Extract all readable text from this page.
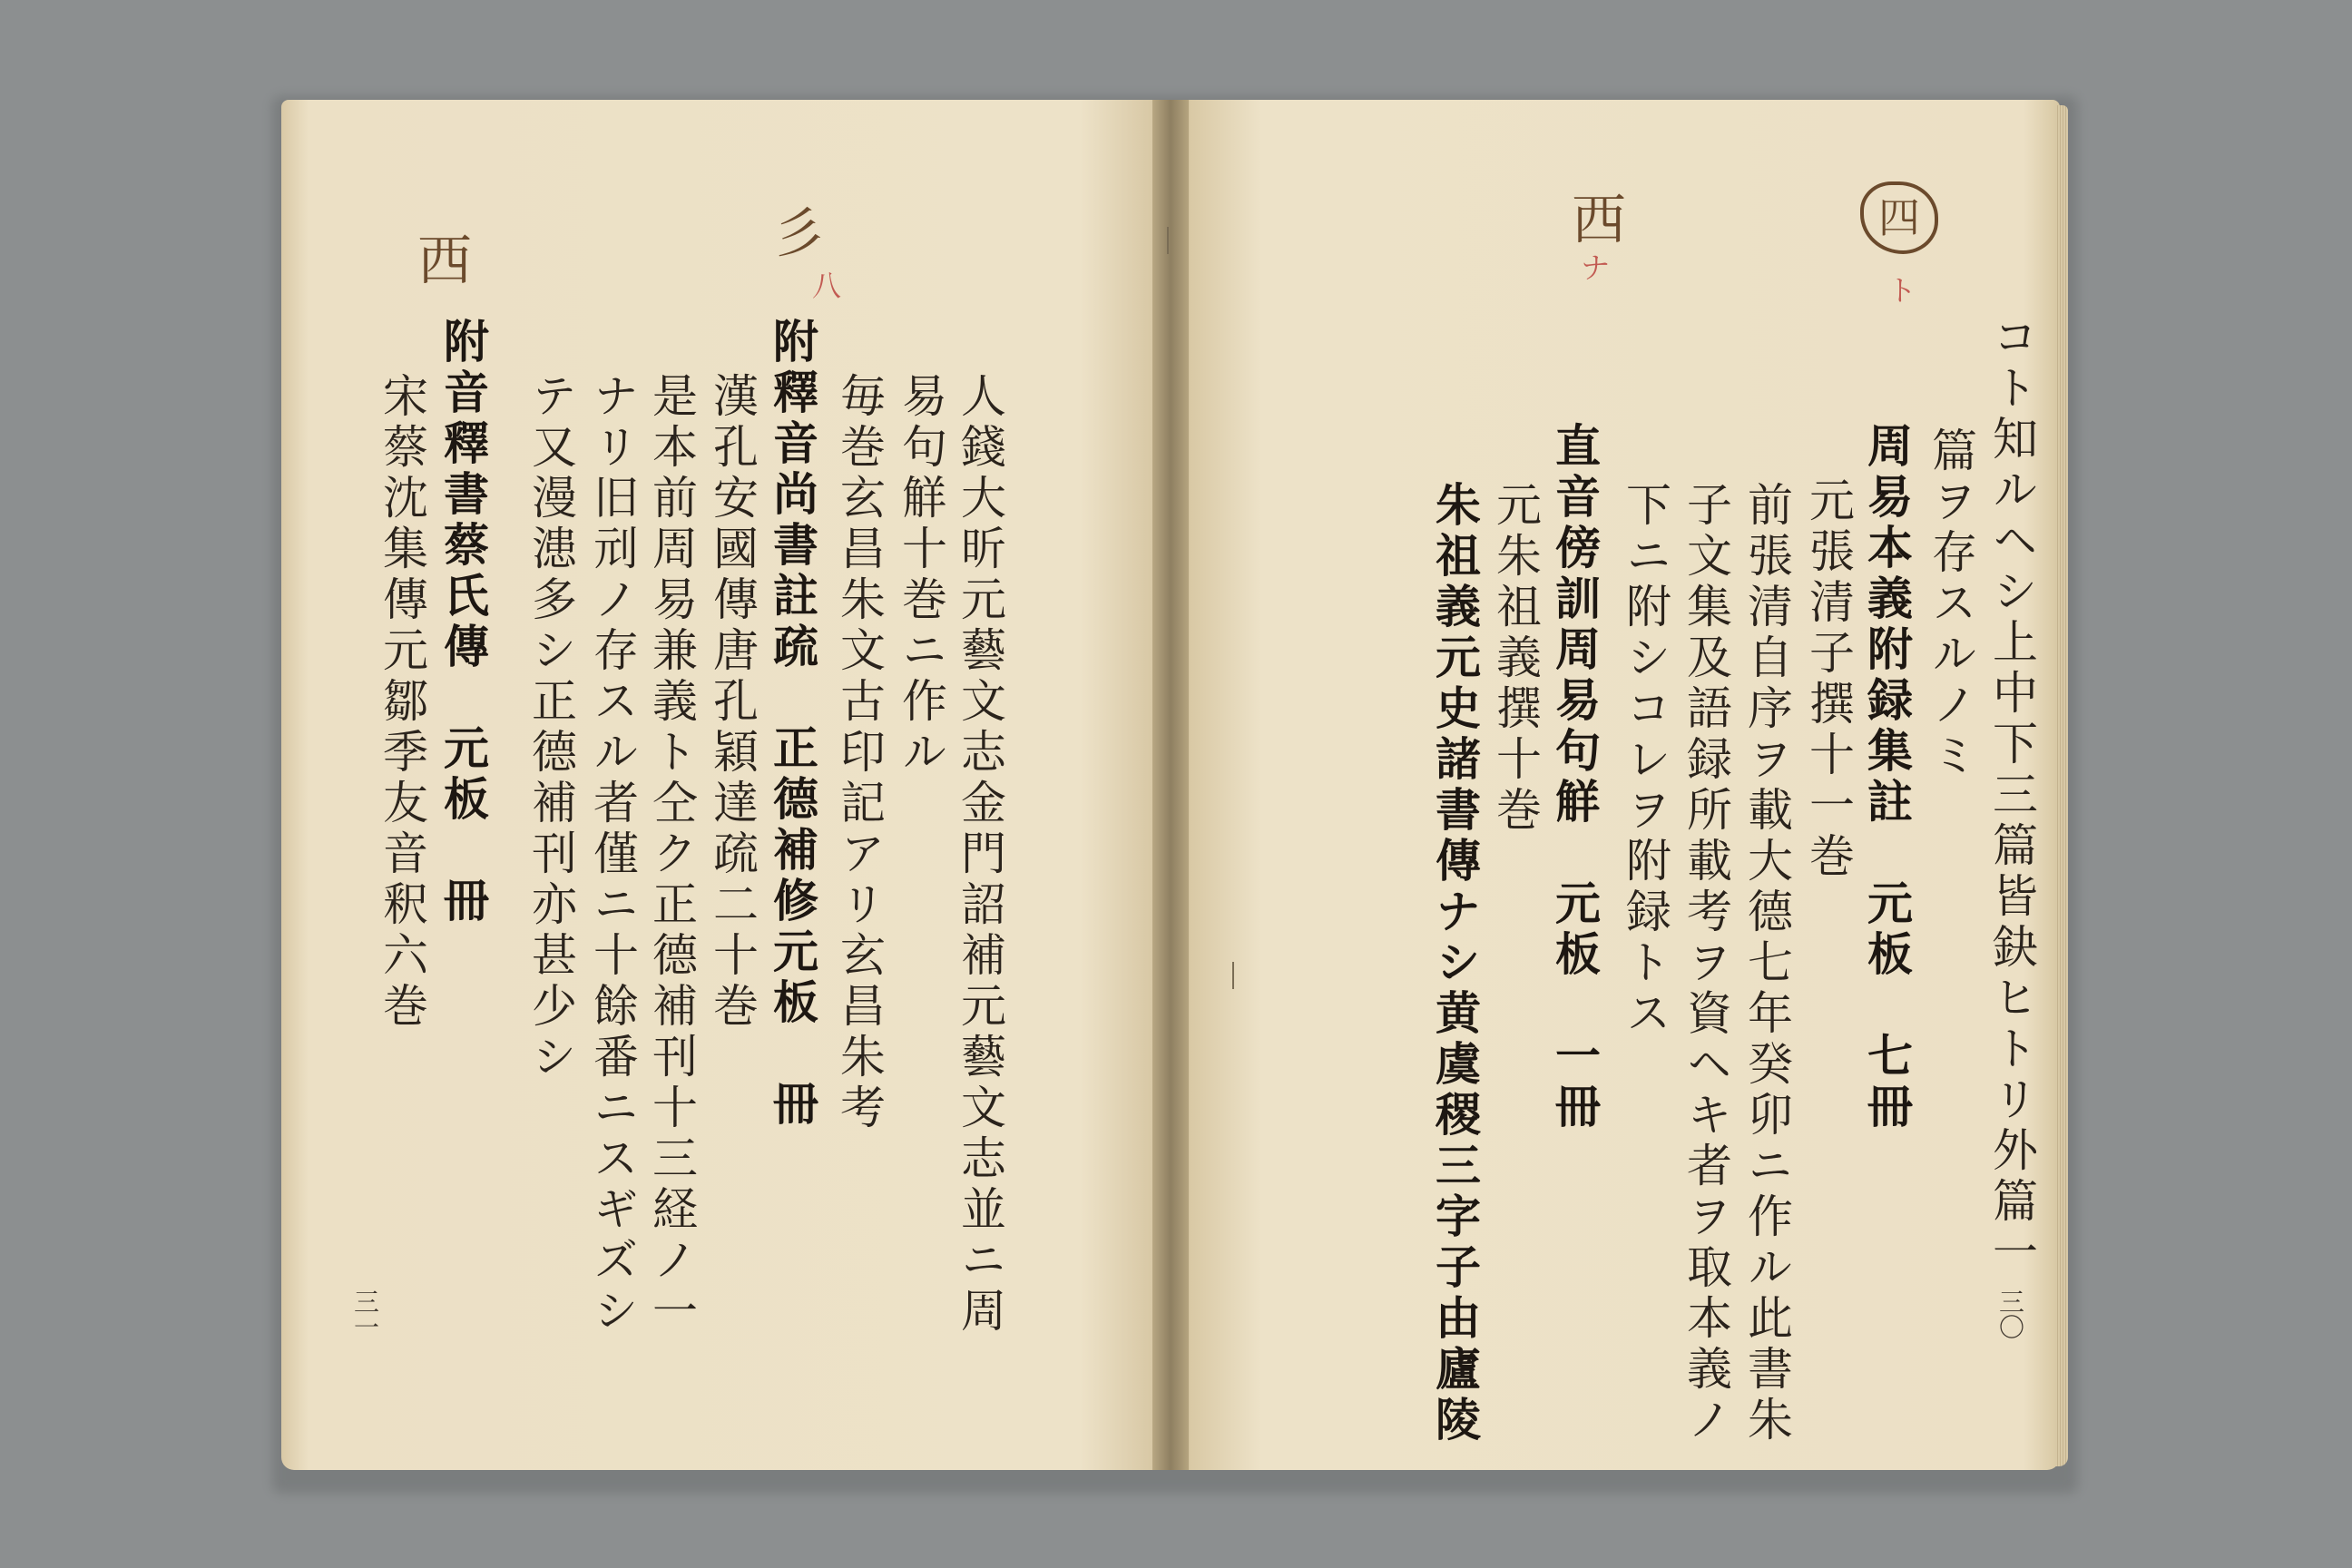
コト知ルヘシ上中下三篇皆鈌ヒトリ外篇一
篇ヲ存スルノミ
周易本義附録集註　元板　七冊
元張清子撰十一巻
前張清自序ヲ載大德七年癸卯ニ作ル此書朱
子文集及語録所載考ヲ資ヘキ者ヲ取本義ノ
下ニ附シコレヲ附録トス
直音傍訓周易句觧　元板　一冊
元朱祖義撰十巻
朱祖義元史諸書傳ナシ黄虞稷三字子由廬陵
四
西
ト
ナ
三〇
人錢大昕元藝文志金門詔補元藝文志並ニ周
易句觧十巻ニ作ル
毎巻玄昌朱文古印記アリ玄昌朱考
附釋音尚書註疏　正德補修元板　冊
漢孔安國傳唐孔穎達疏二十巻
是本前周易兼義ト仝ク正德補刊十三経ノ一
ナリ旧刓ノ存スル者僅ニ十餘番ニスギズシ
テ又漫漶多シ正德補刊亦甚少シ
附音釋書蔡氏傳　元板　冊
宋蔡沈集傳元鄒季友音釈六巻
彡
西	八
三一
